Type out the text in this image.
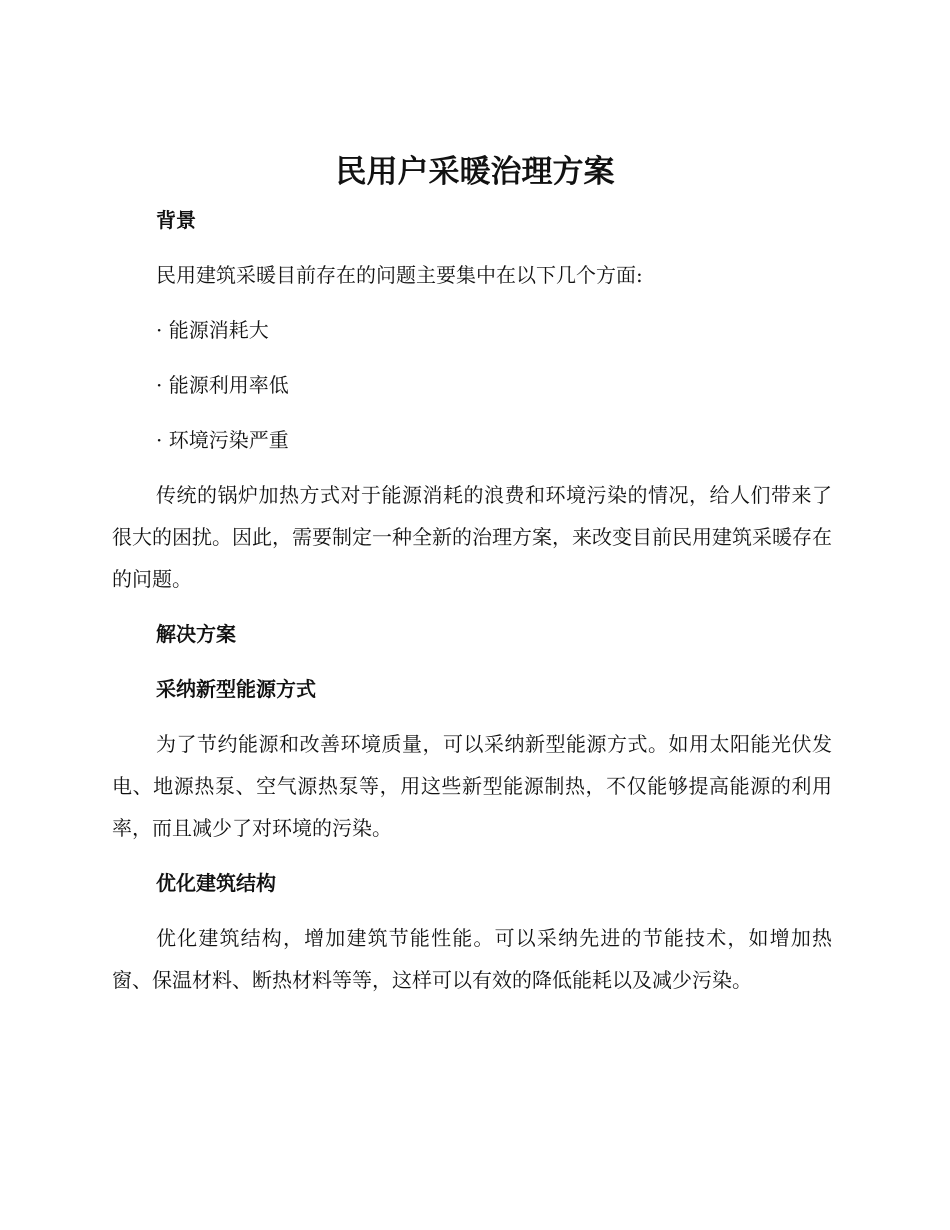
民用户采暖治理方案
背景

民用建筑采暖目前存在的问题主要集中在以下几个方面:

· 能源消耗大

· 能源利用率低

· 环境污染严重

传统的锅炉加热方式对于能源消耗的浪费和环境污染的情况，给人们带来了很大的困扰。因此，需要制定一种全新的治理方案，来改变目前民用建筑采暖存在的问题。

解决方案
采纳新型能源方式

为了节约能源和改善环境质量，可以采纳新型能源方式。如用太阳能光伏发电、地源热泵、空气源热泵等，用这些新型能源制热，不仅能够提高能源的利用率，而且减少了对环境的污染。

优化建筑结构

优化建筑结构，增加建筑节能性能。可以采纳先进的节能技术，如增加热窗、保温材料、断热材料等等，这样可以有效的降低能耗以及减少污染。
